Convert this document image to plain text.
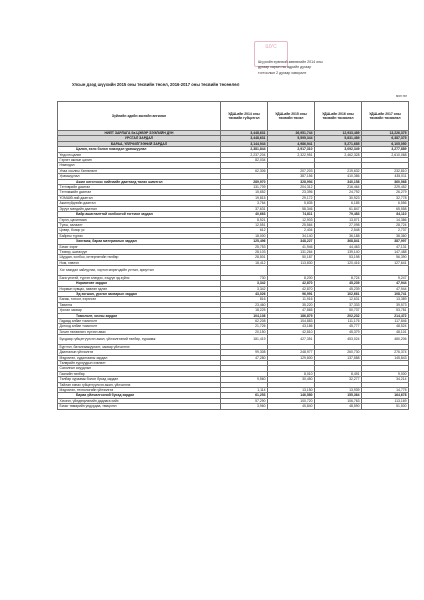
ШУС
Шүүхийн ерөнхий зөвлөлийн 2014 оны
дугаар сарын ны өдрийн дугаар
тогтоолын 2 дугаар хавсралт
Улсын дээд шүүхийн 2015 оны төсвийн төсөл, 2016-2017 оны төсвийн төсөөлөл
мян.төг
Зүйлийн эдийн засгийн ангилал	УДШ-ийн 2014 оны төсвийн гүйцэтгэл	УДШ-ийн 2015 оны төсвийн төсөл	УДШ-ийн 2016 оны төсвийн төсөөлөл	УДШ-ийн 2017 оны төсвийн төсөөлөл
НИЙТ ЗАРЛАГА ба ЦЭВЭР ЗЭЭЛИЙН ДҮН	3,448,631	26,951,744	12,933,489	13,226,375
УРСГАЛ ЗАРДАЛ	3,448,631	5,595,344	5,831,489	6,387,375
БАРАА, ҮЙЛЧИЛГЭЭНИЙ ЗАРДАЛ	3,144,944	4,986,941	5,271,685	6,105,050
Цалин, хөлс болон нэмэгдэл урамшуулал	2,381,844	2,917,310	3,092,349	3,277,889
Үндсэн цалин	2,237,204	2,322,951	2,462,328	2,610,068
Гэрээт ажлын цалин	82,034			
Нэмэгдэл				
Унаа хоолны Хөнгөлөлт	62,306	207,203	219,632	232,810
Урамшуулал		387,156	410,386	435,011
Ажил олгогчоос нийгмийн даатгалд төлөх шимтгэл	289,970	328,994	340,158	360,568
Тэтгэврийн даатгал	131,709	204,312	216,464	229,452
Тэтгэмжийн даатгал	15,652	23,396	24,792	26,279
ҮОМШӨ-ний даатгал	19,815	29,172	30,923	32,778
Ажилгүйдлийн даатгал	3,764	5,835	6,185	6,556
Эрүүл мэндийн даатгал	37,631	58,346	61,847	65,558
Байр ашиглалттай холбоотой тогтмол зардал	40,663	74,811	79,483	84,110
Гэрэл, цахилгаан	8,921	12,903	13,571	14,386
Түлш, халаалт	12,551	25,564	27,098	28,724
Цэвэр, бохир ус	612	2,404	2,548	2,737
Байрны түрээс	18,000	34,140	36,188	38,360
Хангамж, бараа материалын зардал	125,496	348,227	368,841	387,997
Бичиг хэрэг	25,753	41,946	44,463	47,131
Тээвэр, шатахуун	28,103	131,264	139,140	147,488
Шуудан, холбоо, интернэтийн төлбөр	28,501	50,187	53,198	56,390
Ном, хэвлэл	18,412	113,830	120,416	127,641
Хог хаягдал зайлуулах, хортон мэрэгчдийн устгал, ариутгал				
Бага үнэтэй, түргэн элэгдэх, хэцүүн эд зүйлс	730	8,200	8,724	9,247
Нормативт зардал	3,342	42,870	45,239	47,944
Нормын хувцас, зөөлөн эдлэл	3,342	42,870	45,239	47,944
Эд хогшил, урсгал засварын зардал	43,026	96,991	102,661	108,741
Багаж, тоноог, хэрэгсэл	816	11,916	12,631	13,389
Тавилга	23,460	35,220	37,333	39,573
Урсгал засвар	18,225	47,865	50,737	53,781
Томилолт, зочны зардал	104,136	186,879	202,232	214,472
Гадаад албан томилолт	62,208	104,883	111,176	117,846
Дотоод албан томилолт	21,726	43,186	45,777	48,524
Зочин төлөөлөгч хүлээн авах	20,150	42,810	45,379	48,101
Бусдаар гүйцэтгүүлсэн ажил, үйлчилгээний төлбөр, хураамж	181,419	427,351	453,024	480,206
Бүртгэл, баталгаажуулалт, засвар үйлчилгээ				
Даатгалын үйлчилгээ	99,308	248,977	260,730	276,374
Мэдээлэл, судалгааны зардал	47,280	129,800	137,588	145,843
Төлөрийн хурлуудын хэвлэлт				
Сахилгын асуудлын				
Гаалийн төлбөр		8,010	8,491	9,000
Төлбөр хураамж болон бусад зардал	9,560	30,450	32,277	34,214
Тайлан хянах гүйцэтгүүлсэн ажил, үйлчилгээ				
Мэдээлэл, технологийн үйлчилгээ	1,114	13,150	13,939	14,775
Бараа үйлчилгээний бусад зардал	61,253	146,580	155,364	164,678
Хичээл, үйлдвэрлэлийн дадлага хийх	57,290	100,720	106,763	113,169
Бичиг төмөрийн ундурдаа, төмцэгэн	3,960	45,840	48,590	51,500
